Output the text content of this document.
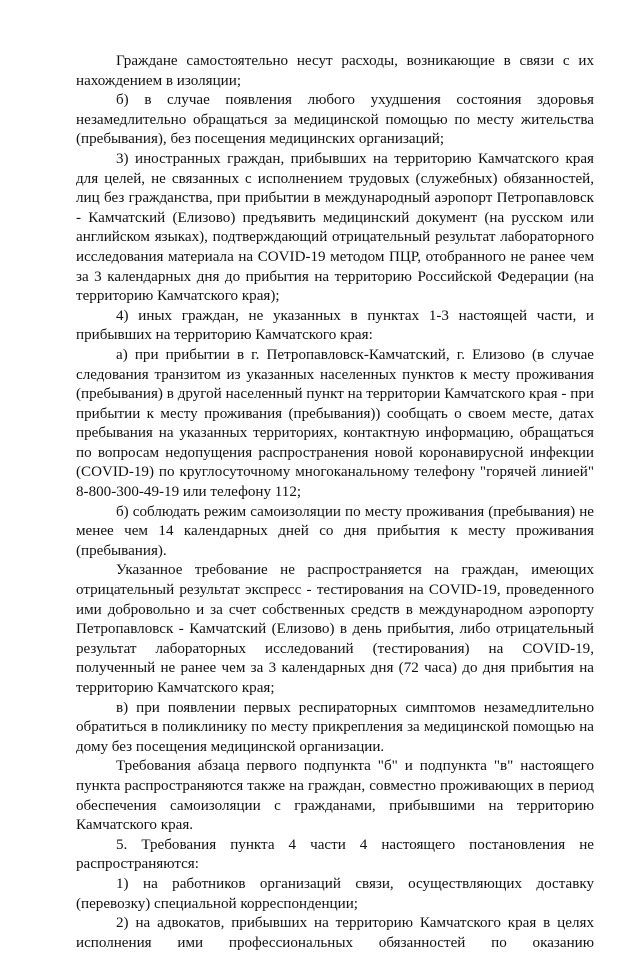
Граждане самостоятельно несут расходы, возникающие в связи с их нахождением в изоляции;

б) в случае появления любого ухудшения состояния здоровья незамедлительно обращаться за медицинской помощью по месту жительства (пребывания), без посещения медицинских организаций;

3) иностранных граждан, прибывших на территорию Камчатского края для целей, не связанных с исполнением трудовых (служебных) обязанностей, лиц без гражданства, при прибытии в международный аэропорт Петропавловск - Камчатский (Елизово) предъявить медицинский документ (на русском или английском языках), подтверждающий отрицательный результат лабораторного исследования материала на COVID-19 методом ПЦР, отобранного не ранее чем за 3 календарных дня до прибытия на территорию Российской Федерации (на территорию Камчатского края);

4) иных граждан, не указанных в пунктах 1-3 настоящей части, и прибывших на территорию Камчатского края:

а) при прибытии в г. Петропавловск-Камчатский, г. Елизово (в случае следования транзитом из указанных населенных пунктов к месту проживания (пребывания) в другой населенный пункт на территории Камчатского края - при прибытии к месту проживания (пребывания)) сообщать о своем месте, датах пребывания на указанных территориях, контактную информацию, обращаться по вопросам недопущения распространения новой коронавирусной инфекции (COVID-19) по круглосуточному многоканальному телефону "горячей линией" 8-800-300-49-19 или телефону 112;

б) соблюдать режим самоизоляции по месту проживания (пребывания) не менее чем 14 календарных дней со дня прибытия к месту проживания (пребывания).

Указанное требование не распространяется на граждан, имеющих отрицательный результат экспресс - тестирования на COVID-19, проведенного ими добровольно и за счет собственных средств в международном аэропорту Петропавловск - Камчатский (Елизово) в день прибытия, либо отрицательный результат лабораторных исследований (тестирования) на COVID-19, полученный не ранее чем за 3 календарных дня (72 часа) до дня прибытия на территорию Камчатского края;

в) при появлении первых респираторных симптомов незамедлительно обратиться в поликлинику по месту прикрепления за медицинской помощью на дому без посещения медицинской организации.

Требования абзаца первого подпункта "б" и подпункта "в" настоящего пункта распространяются также на граждан, совместно проживающих в период обеспечения самоизоляции с гражданами, прибывшими на территорию Камчатского края.

5. Требования пункта 4 части 4 настоящего постановления не распространяются:

1) на работников организаций связи, осуществляющих доставку (перевозку) специальной корреспонденции;

2) на адвокатов, прибывших на территорию Камчатского края в целях исполнения ими профессиональных обязанностей по оказанию
